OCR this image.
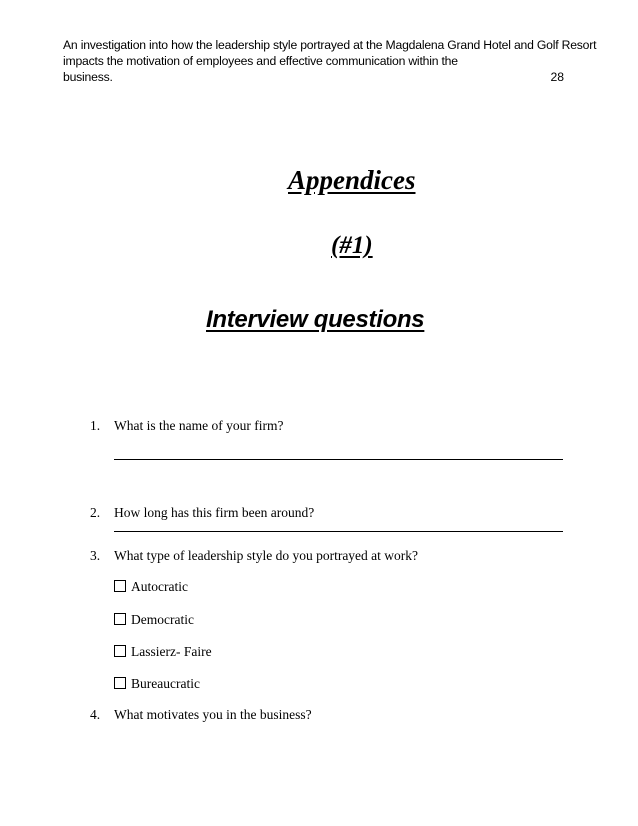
An investigation into how the leadership style portrayed at the Magdalena Grand Hotel and Golf Resort
impacts the motivation of employees and effective communication within the
business.	28
Appendices
(#1)
Interview questions
1. What is the name of your firm?
2. How long has this firm been around?
3. What type of leadership style do you portrayed at work?
Autocratic
Democratic
Lassierz- Faire
Bureaucratic
4. What motivates you in the business?
